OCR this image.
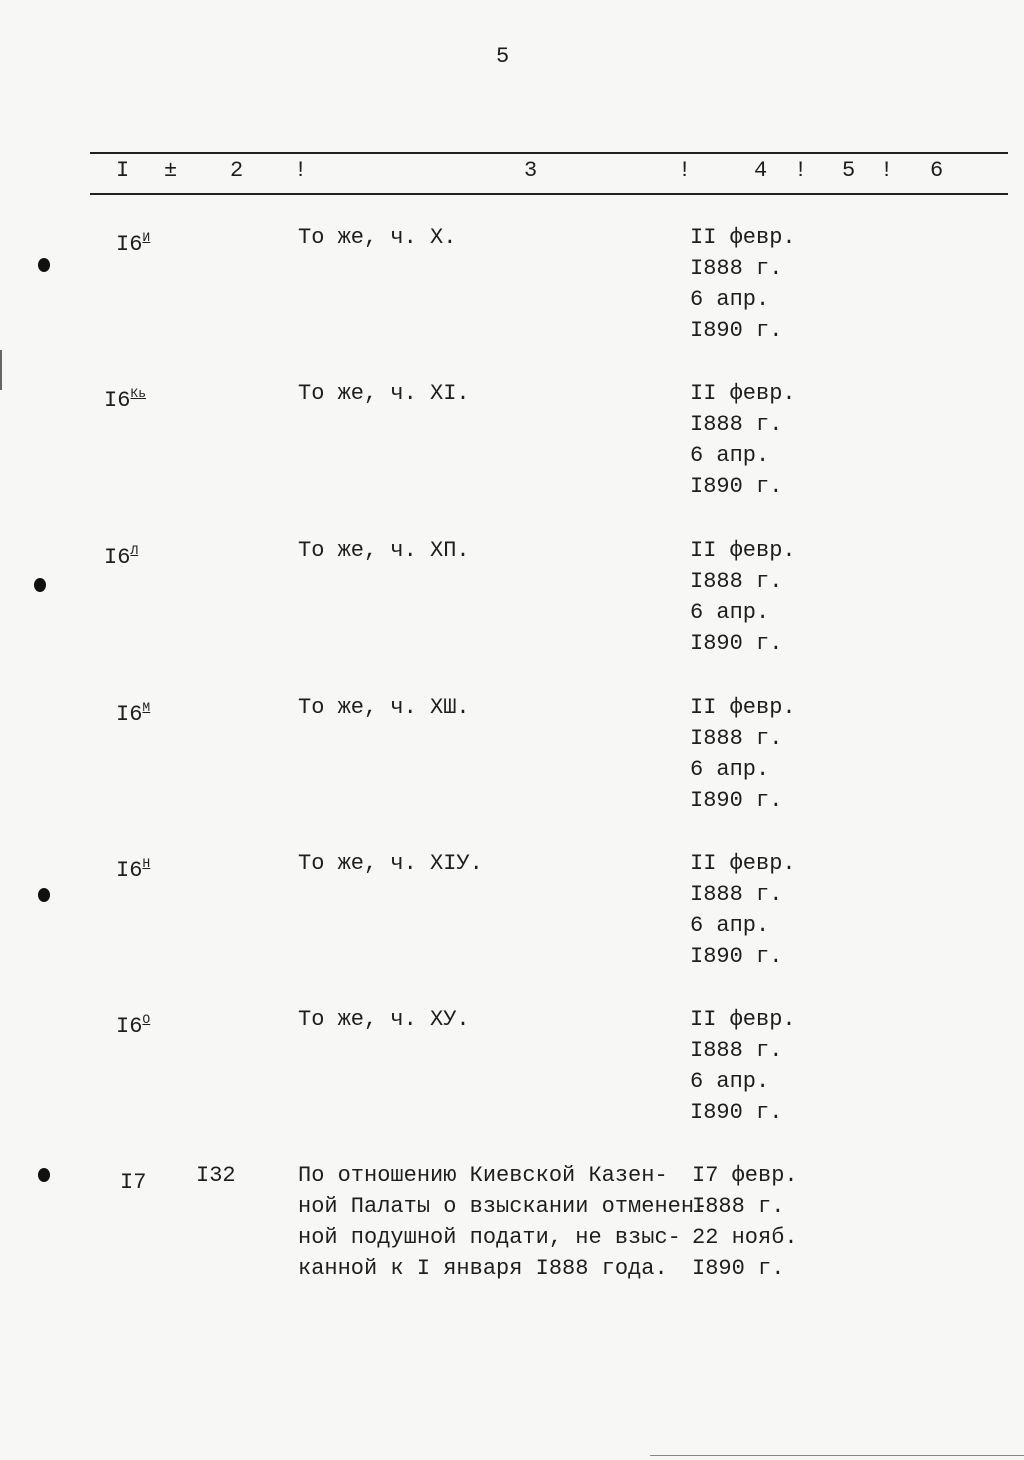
5
I ± 2 !	3	!	4 ! 5 ! 6
$I6^И$	То же, ч. Х.	II февр.
I888 г.
6 апр.
I890 г.
$I6^{Кь}$	То же, ч. XI.	II февр.
I888 г.
6 апр.
I890 г.
$I6^Л$	То же, ч. ХП.	II февр.
I888 г.
6 апр.
I890 г.
$I6^М$	То же, ч. ХШ.	II февр.
I888 г.
6 апр.
I890 г.
$I6^Н$	То же, ч. XIУ.	II февр.
I888 г.
6 апр.
I890 г.
$I6^О$	То же, ч. ХУ.	II февр.
I888 г.
6 апр.
I890 г.
I7 I32	По отношению Киевской Казен-
ной Палаты о взыскании отменен-
ной подушной подати, не взыс-
канной к I января I888 года.
I7 февр.
I888 г.
22 нояб.
I890 г.
